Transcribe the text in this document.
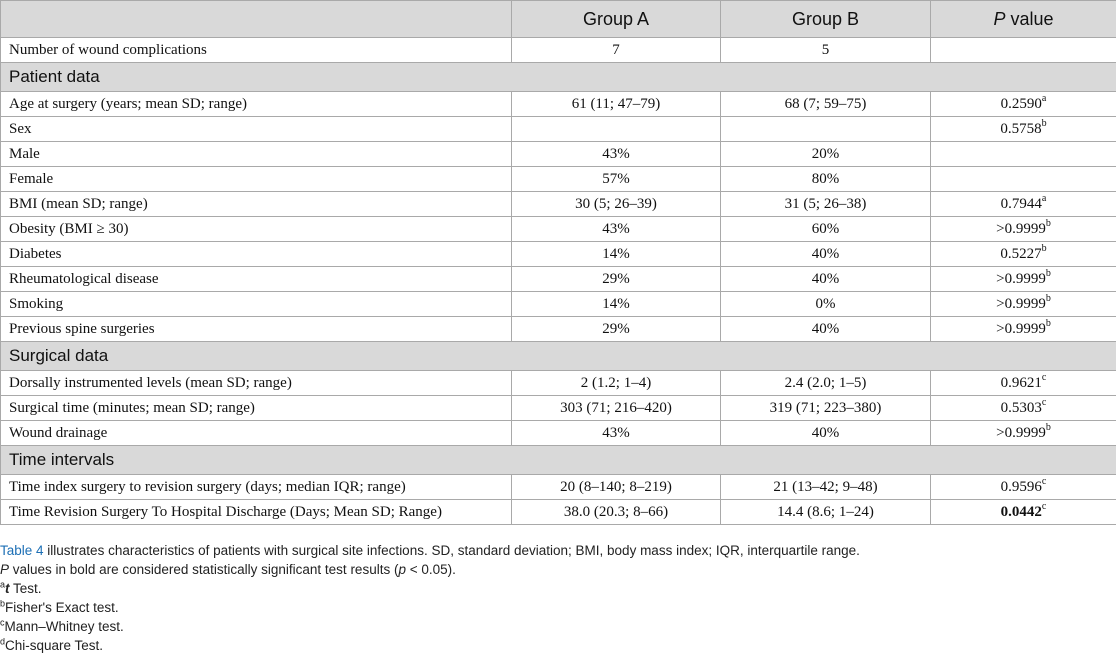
	Group A	Group B	P value
Number of wound complications	7	5	
Patient data			
Age at surgery (years; mean SD; range)	61 (11; 47–79)	68 (7; 59–75)	0.2590$^a$
Sex			0.5758$^b$
Male	43%	20%	
Female	57%	80%	
BMI (mean SD; range)	30 (5; 26–39)	31 (5; 26–38)	0.7944$^a$
Obesity (BMI ≥ 30)	43%	60%	>0.9999$^b$
Diabetes	14%	40%	0.5227$^b$
Rheumatological disease	29%	40%	>0.9999$^b$
Smoking	14%	0%	>0.9999$^b$
Previous spine surgeries	29%	40%	>0.9999$^b$
Surgical data			
Dorsally instrumented levels (mean SD; range)	2 (1.2; 1–4)	2.4 (2.0; 1–5)	0.9621$^c$
Surgical time (minutes; mean SD; range)	303 (71; 216–420)	319 (71; 223–380)	0.5303$^c$
Wound drainage	43%	40%	>0.9999$^b$
Time intervals			
Time index surgery to revision surgery (days; median IQR; range)	20 (8–140; 8–219)	21 (13–42; 9–48)	0.9596$^c$
Time Revision Surgery To Hospital Discharge (Days; Mean SD; Range)	38.0 (20.3; 8–66)	14.4 (8.6; 1–24)	0.0442$^c$
Table 4 illustrates characteristics of patients with surgical site infections. SD, standard deviation; BMI, body mass index; IQR, interquartile range.
P values in bold are considered statistically significant test results (p < 0.05).
$^a$t Test.
$^b$Fisher's Exact test.
$^c$Mann–Whitney test.
$^d$Chi-square Test.
